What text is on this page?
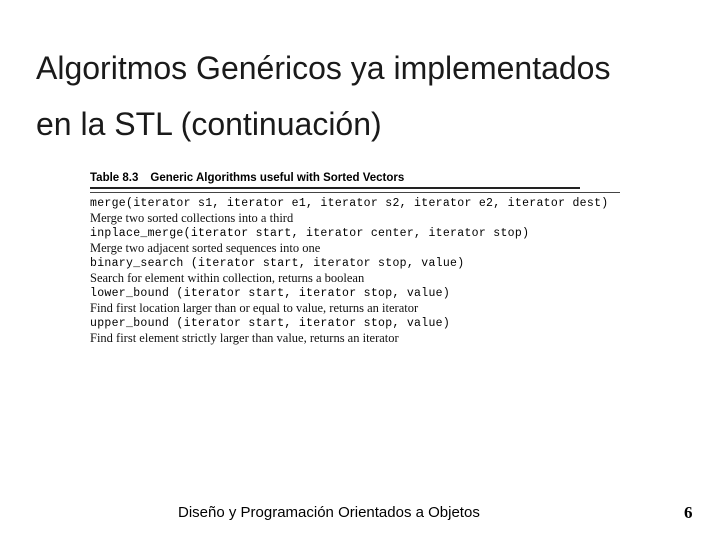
Algoritmos Genéricos ya implementados
en la STL (continuación)
Table 8.3 Generic Algorithms useful with Sorted Vectors
merge(iterator s1, iterator e1, iterator s2, iterator e2, iterator dest)
Merge two sorted collections into a third
inplace_merge(iterator start, iterator center, iterator stop)
Merge two adjacent sorted sequences into one
binary_search (iterator start, iterator stop, value)
Search for element within collection, returns a boolean
lower_bound (iterator start, iterator stop, value)
Find first location larger than or equal to value, returns an iterator
upper_bound (iterator start, iterator stop, value)
Find first element strictly larger than value, returns an iterator
Diseño y Programación Orientados a Objetos	6
